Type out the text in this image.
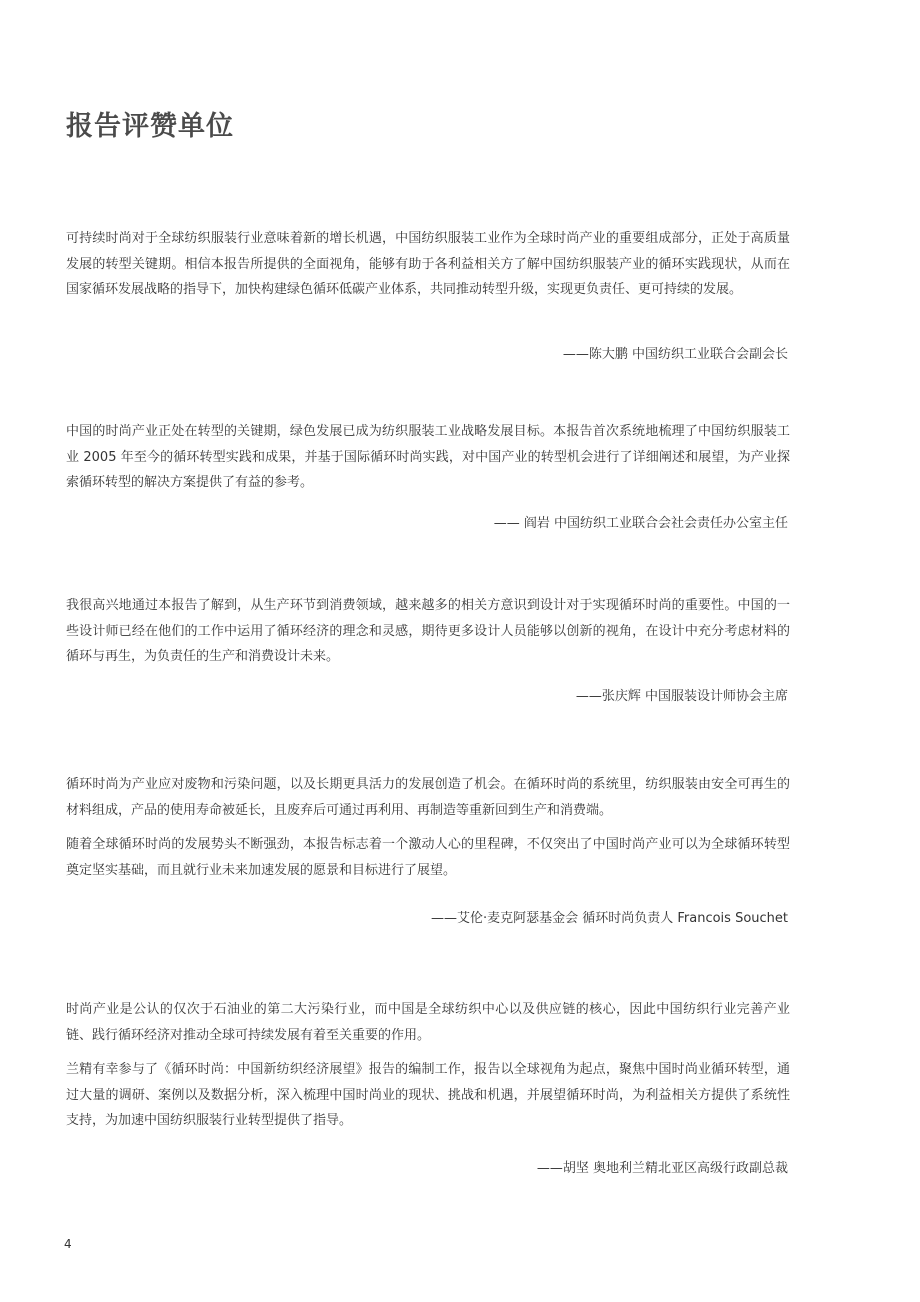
报告评赞单位

可持续时尚对于全球纺织服装行业意味着新的增长机遇，中国纺织服装工业作为全球时尚产业的重要组成部分，正处于高质量发展的转型关键期。相信本报告所提供的全面视角，能够有助于各利益相关方了解中国纺织服装产业的循环实践现状，从而在国家循环发展战略的指导下，加快构建绿色循环低碳产业体系，共同推动转型升级，实现更负责任、更可持续的发展。

——陈大鹏 中国纺织工业联合会副会长

中国的时尚产业正处在转型的关键期，绿色发展已成为纺织服装工业战略发展目标。本报告首次系统地梳理了中国纺织服装工业 2005 年至今的循环转型实践和成果，并基于国际循环时尚实践，对中国产业的转型机会进行了详细阐述和展望，为产业探索循环转型的解决方案提供了有益的参考。

—— 阎岩 中国纺织工业联合会社会责任办公室主任

我很高兴地通过本报告了解到，从生产环节到消费领域，越来越多的相关方意识到设计对于实现循环时尚的重要性。中国的一些设计师已经在他们的工作中运用了循环经济的理念和灵感，期待更多设计人员能够以创新的视角，在设计中充分考虑材料的循环与再生，为负责任的生产和消费设计未来。

——张庆辉 中国服装设计师协会主席

循环时尚为产业应对废物和污染问题，以及长期更具活力的发展创造了机会。在循环时尚的系统里，纺织服装由安全可再生的材料组成，产品的使用寿命被延长，且废弃后可通过再利用、再制造等重新回到生产和消费端。

随着全球循环时尚的发展势头不断强劲，本报告标志着一个激动人心的里程碑，不仅突出了中国时尚产业可以为全球循环转型奠定坚实基础，而且就行业未来加速发展的愿景和目标进行了展望。

——艾伦·麦克阿瑟基金会 循环时尚负责人 Francois Souchet

时尚产业是公认的仅次于石油业的第二大污染行业，而中国是全球纺织中心以及供应链的核心，因此中国纺织行业完善产业链、践行循环经济对推动全球可持续发展有着至关重要的作用。

兰精有幸参与了《循环时尚：中国新纺织经济展望》报告的编制工作，报告以全球视角为起点，聚焦中国时尚业循环转型，通过大量的调研、案例以及数据分析，深入梳理中国时尚业的现状、挑战和机遇，并展望循环时尚，为利益相关方提供了系统性支持，为加速中国纺织服装行业转型提供了指导。

——胡坚 奥地利兰精北亚区高级行政副总裁
4
